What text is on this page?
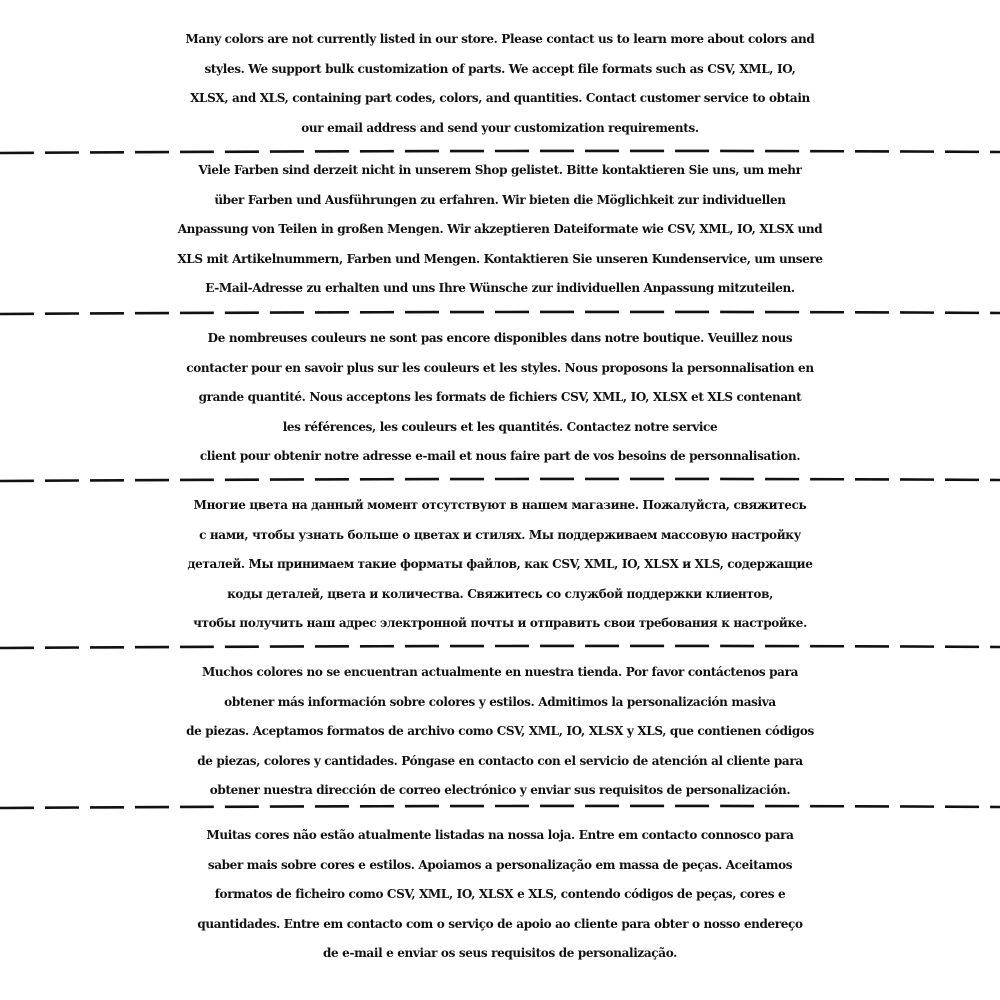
Many colors are not currently listed in our store. Please contact us to learn more about colors and
styles. We support bulk customization of parts. We accept file formats such as CSV, XML, IO,
XLSX, and XLS, containing part codes, colors, and quantities. Contact customer service to obtain
our email address and send your customization requirements.
Viele Farben sind derzeit nicht in unserem Shop gelistet. Bitte kontaktieren Sie uns, um mehr
über Farben und Ausführungen zu erfahren. Wir bieten die Möglichkeit zur individuellen
Anpassung von Teilen in großen Mengen. Wir akzeptieren Dateiformate wie CSV, XML, IO, XLSX und
XLS mit Artikelnummern, Farben und Mengen. Kontaktieren Sie unseren Kundenservice, um unsere
E-Mail-Adresse zu erhalten und uns Ihre Wünsche zur individuellen Anpassung mitzuteilen.
De nombreuses couleurs ne sont pas encore disponibles dans notre boutique. Veuillez nous
contacter pour en savoir plus sur les couleurs et les styles. Nous proposons la personnalisation en
grande quantité. Nous acceptons les formats de fichiers CSV, XML, IO, XLSX et XLS contenant
les références, les couleurs et les quantités. Contactez notre service
client pour obtenir notre adresse e-mail et nous faire part de vos besoins de personnalisation.
Многие цвета на данный момент отсутствуют в нашем магазине. Пожалуйста, свяжитесь
с нами, чтобы узнать больше о цветах и стилях. Мы поддерживаем массовую настройку
деталей. Мы принимаем такие форматы файлов, как CSV, XML, IO, XLSX и XLS, содержащие
коды деталей, цвета и количества. Свяжитесь со службой поддержки клиентов,
чтобы получить наш адрес электронной почты и отправить свои требования к настройке.
Muchos colores no se encuentran actualmente en nuestra tienda. Por favor contáctenos para
obtener más información sobre colores y estilos. Admitimos la personalización masiva
de piezas. Aceptamos formatos de archivo como CSV, XML, IO, XLSX y XLS, que contienen códigos
de piezas, colores y cantidades. Póngase en contacto con el servicio de atención al cliente para
obtener nuestra dirección de correo electrónico y enviar sus requisitos de personalización.
Muitas cores não estão atualmente listadas na nossa loja. Entre em contacto connosco para
saber mais sobre cores e estilos. Apoiamos a personalização em massa de peças. Aceitamos
formatos de ficheiro como CSV, XML, IO, XLSX e XLS, contendo códigos de peças, cores e
quantidades. Entre em contacto com o serviço de apoio ao cliente para obter o nosso endereço
de e-mail e enviar os seus requisitos de personalização.
